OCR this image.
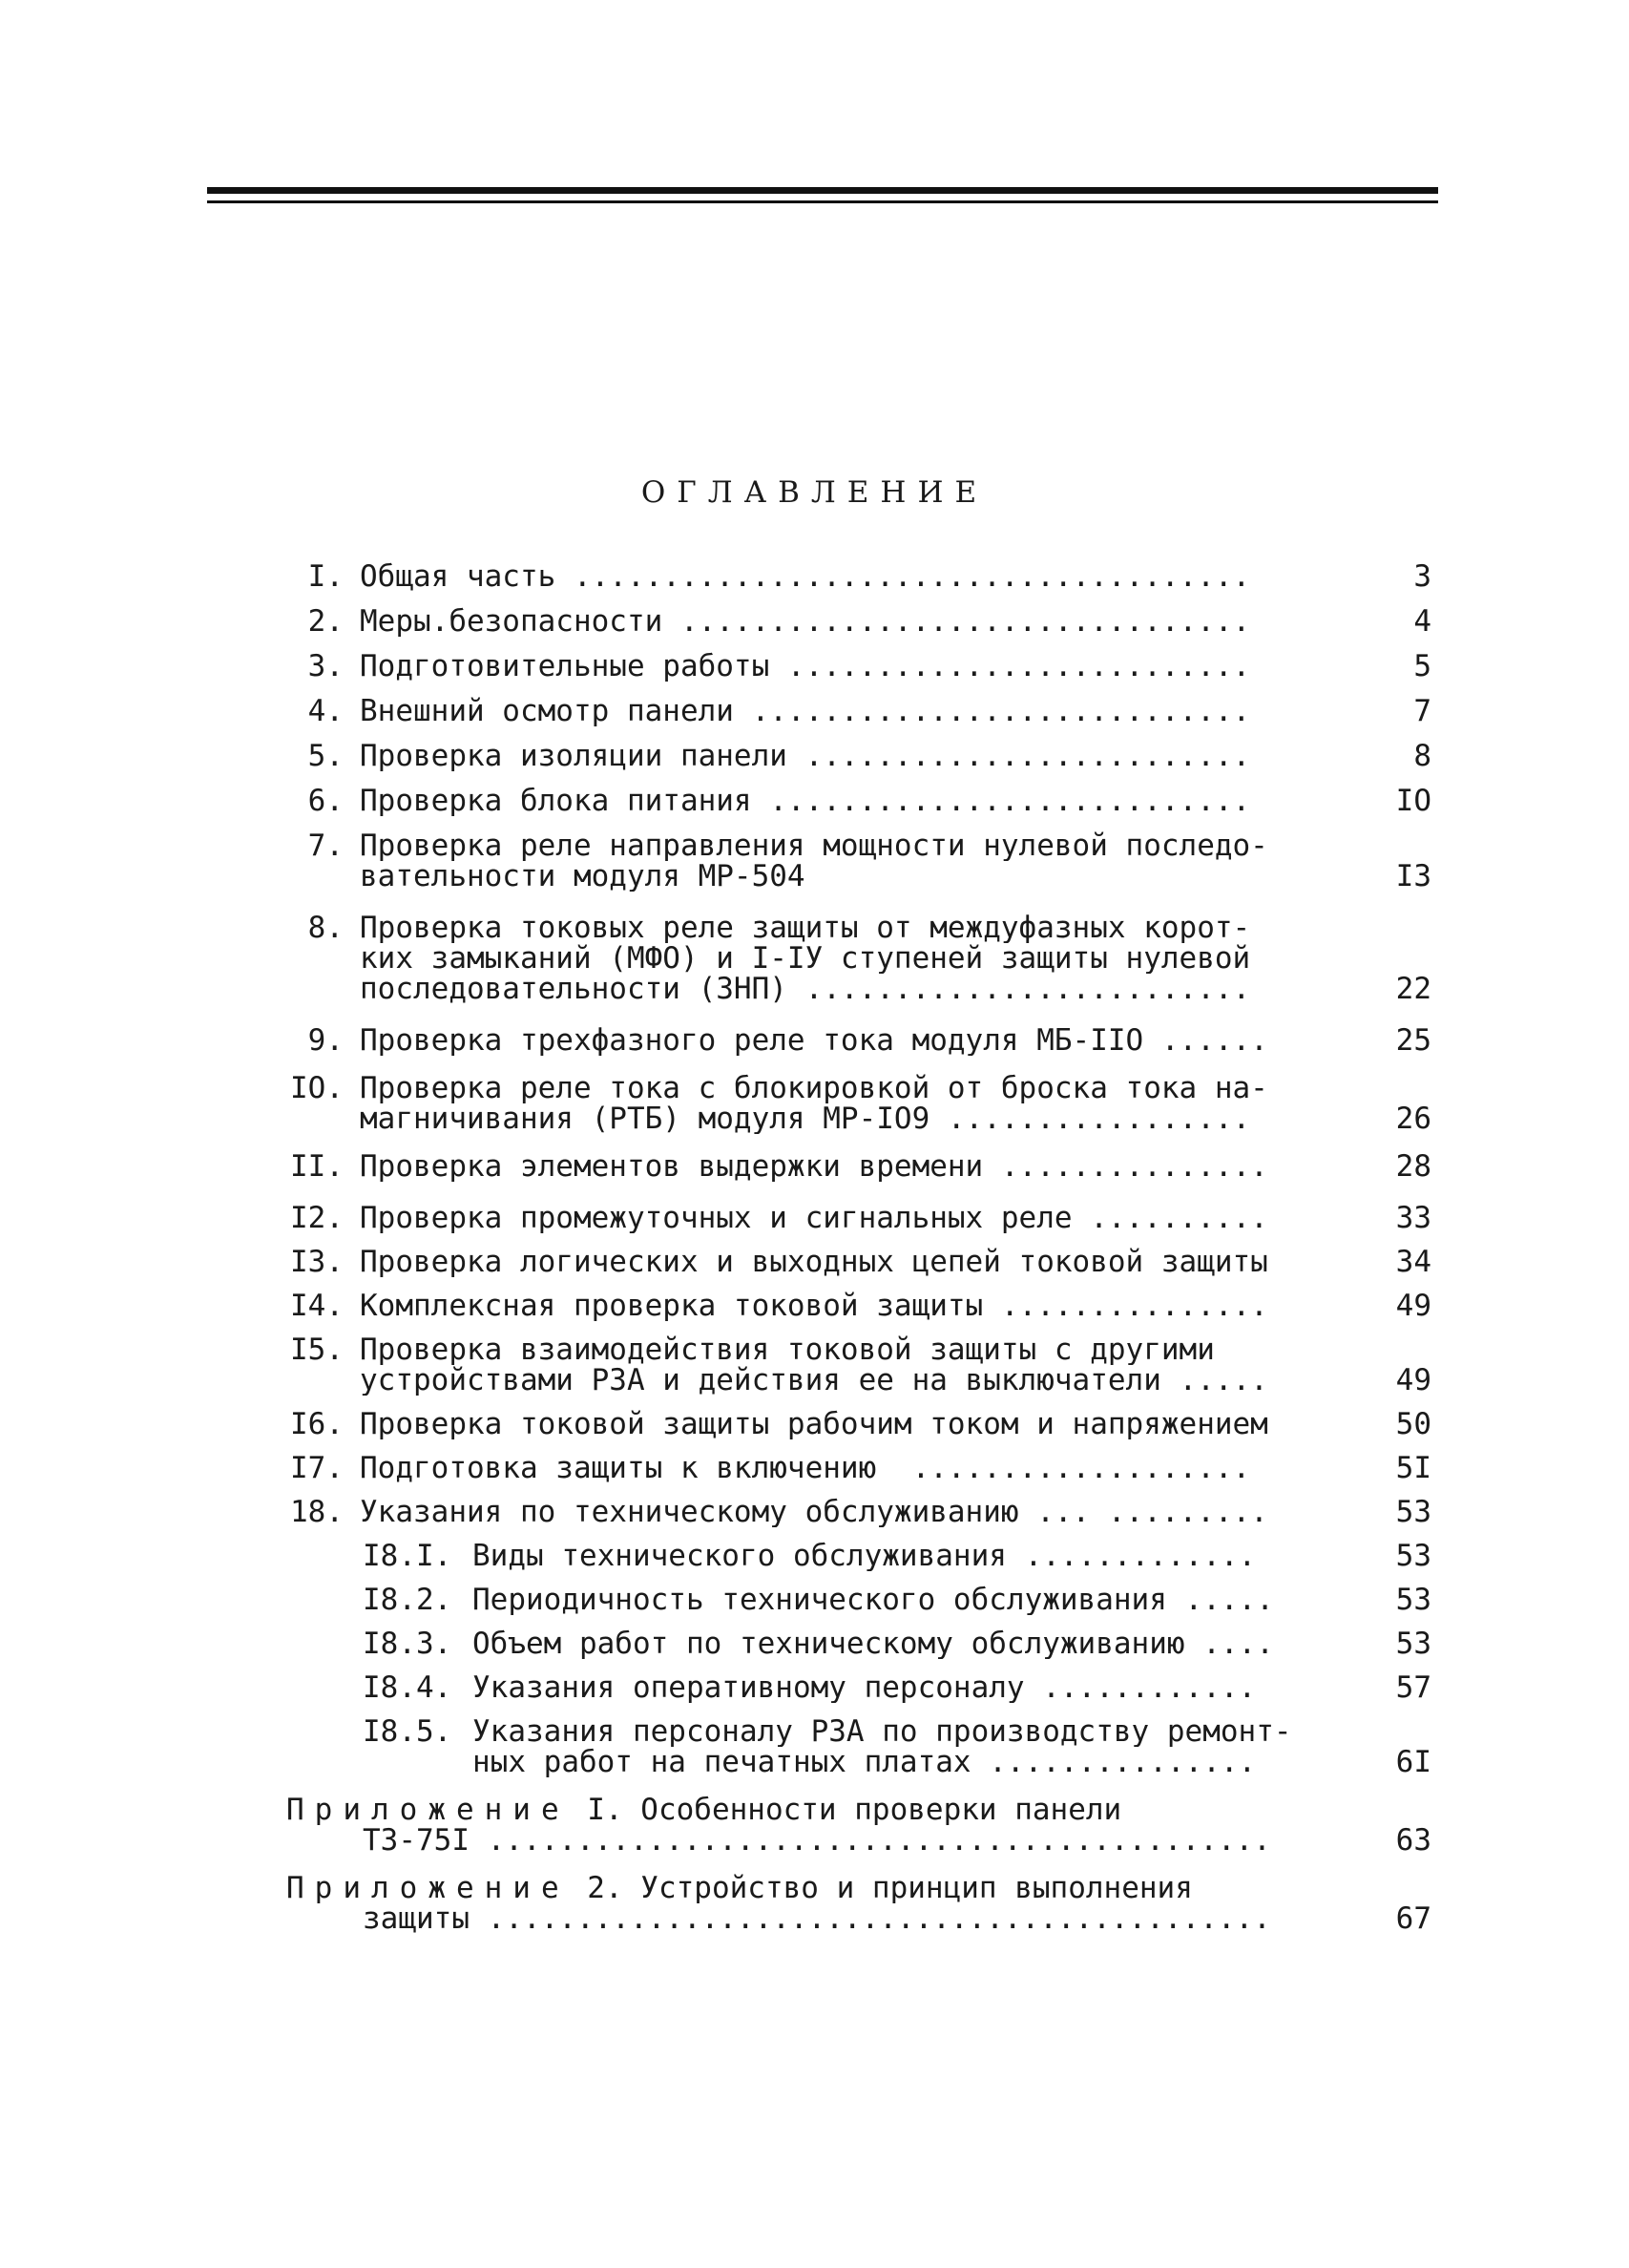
ОГЛАВЛЕНИЕ
I. Общая часть ......................................	3
2. Меры.безопасности ................................	4
3. Подготовительные работы ..........................	5
4. Внешний осмотр панели ............................	7
5. Проверка изоляции панели .........................	8
6. Проверка блока питания ...........................	IO
7. Проверка реле направления мощности нулевой последо-
вательности модуля МР-504	I3
8. Проверка токовых реле защиты от междуфазных корот-
ких замыканий (МФО) и I-IУ ступеней защиты нулевой
последовательности (ЗНП) .........................	22
9. Проверка трехфазного реле тока модуля МБ-IIO ......	25
IO. Проверка реле тока с блокировкой от броска тока на-
магничивания (РТБ) модуля МР-IO9 .................	26
II. Проверка элементов выдержки времени ...............	28
I2. Проверка промежуточных и сигнальных реле ..........	33
I3. Проверка логических и выходных цепей токовой защиты	34
I4. Комплексная проверка токовой защиты ...............	49
I5. Проверка взаимодействия токовой защиты с другими
устройствами РЗА и действия ее на выключатели .....	49
I6. Проверка токовой защиты рабочим током и напряжением	50
I7. Подготовка защиты к включению  ...................	5I
18. Указания по техническому обслуживанию ... .........	53
I8.I. Виды технического обслуживания .............	53
I8.2. Периодичность технического обслуживания .....	53
I8.3. Объем работ по техническому обслуживанию ....	53
I8.4. Указания оперативному персоналу ............	57
I8.5. Указания персоналу РЗА по производству ремонт-
ных работ на печатных платах ...............	6I
Приложение I. Особенности проверки панели
ТЗ-75I ............................................	63
Приложение 2. Устройство и принцип выполнения
защиты ............................................	67
